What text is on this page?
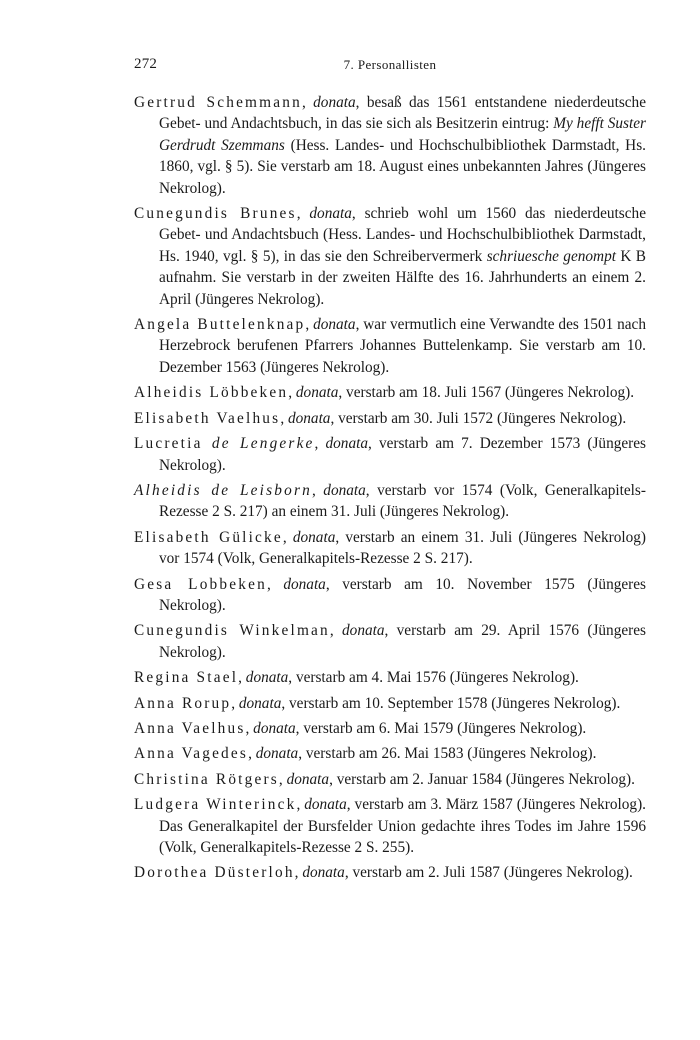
272	7. Personallisten

Gertrud Schemmann, donata, besaß das 1561 entstandene niederdeutsche Gebet- und Andachtsbuch, in das sie sich als Besitzerin eintrug: My hefft Suster Gerdrudt Szemmans (Hess. Landes- und Hochschulbibliothek Darmstadt, Hs. 1860, vgl. § 5). Sie verstarb am 18. August eines unbekannten Jahres (Jüngeres Nekrolog).

Cunegundis Brunes, donata, schrieb wohl um 1560 das niederdeutsche Gebet- und Andachtsbuch (Hess. Landes- und Hochschulbibliothek Darmstadt, Hs. 1940, vgl. § 5), in das sie den Schreibervermerk schriuesche genompt K B aufnahm. Sie verstarb in der zweiten Hälfte des 16. Jahrhunderts an einem 2. April (Jüngeres Nekrolog).

Angela Buttelenknap, donata, war vermutlich eine Verwandte des 1501 nach Herzebrock berufenen Pfarrers Johannes Buttelenkamp. Sie verstarb am 10. Dezember 1563 (Jüngeres Nekrolog).

Alheidis Löbbeken, donata, verstarb am 18. Juli 1567 (Jüngeres Nekrolog).

Elisabeth Vaelhus, donata, verstarb am 30. Juli 1572 (Jüngeres Nekrolog).

Lucretia de Lengerke, donata, verstarb am 7. Dezember 1573 (Jüngeres Nekrolog).

Alheidis de Leisborn, donata, verstarb vor 1574 (Volk, Generalkapitels-Rezesse 2 S. 217) an einem 31. Juli (Jüngeres Nekrolog).

Elisabeth Gülicke, donata, verstarb an einem 31. Juli (Jüngeres Nekrolog) vor 1574 (Volk, Generalkapitels-Rezesse 2 S. 217).

Gesa Lobbeken, donata, verstarb am 10. November 1575 (Jüngeres Nekrolog).

Cunegundis Winkelman, donata, verstarb am 29. April 1576 (Jüngeres Nekrolog).

Regina Stael, donata, verstarb am 4. Mai 1576 (Jüngeres Nekrolog).

Anna Rorup, donata, verstarb am 10. September 1578 (Jüngeres Nekrolog).

Anna Vaelhus, donata, verstarb am 6. Mai 1579 (Jüngeres Nekrolog).

Anna Vagedes, donata, verstarb am 26. Mai 1583 (Jüngeres Nekrolog).

Christina Rötgers, donata, verstarb am 2. Januar 1584 (Jüngeres Nekrolog).

Ludgera Winterinck, donata, verstarb am 3. März 1587 (Jüngeres Nekrolog). Das Generalkapitel der Bursfelder Union gedachte ihres Todes im Jahre 1596 (Volk, Generalkapitels-Rezesse 2 S. 255).

Dorothea Düsterloh, donata, verstarb am 2. Juli 1587 (Jüngeres Nekrolog).
